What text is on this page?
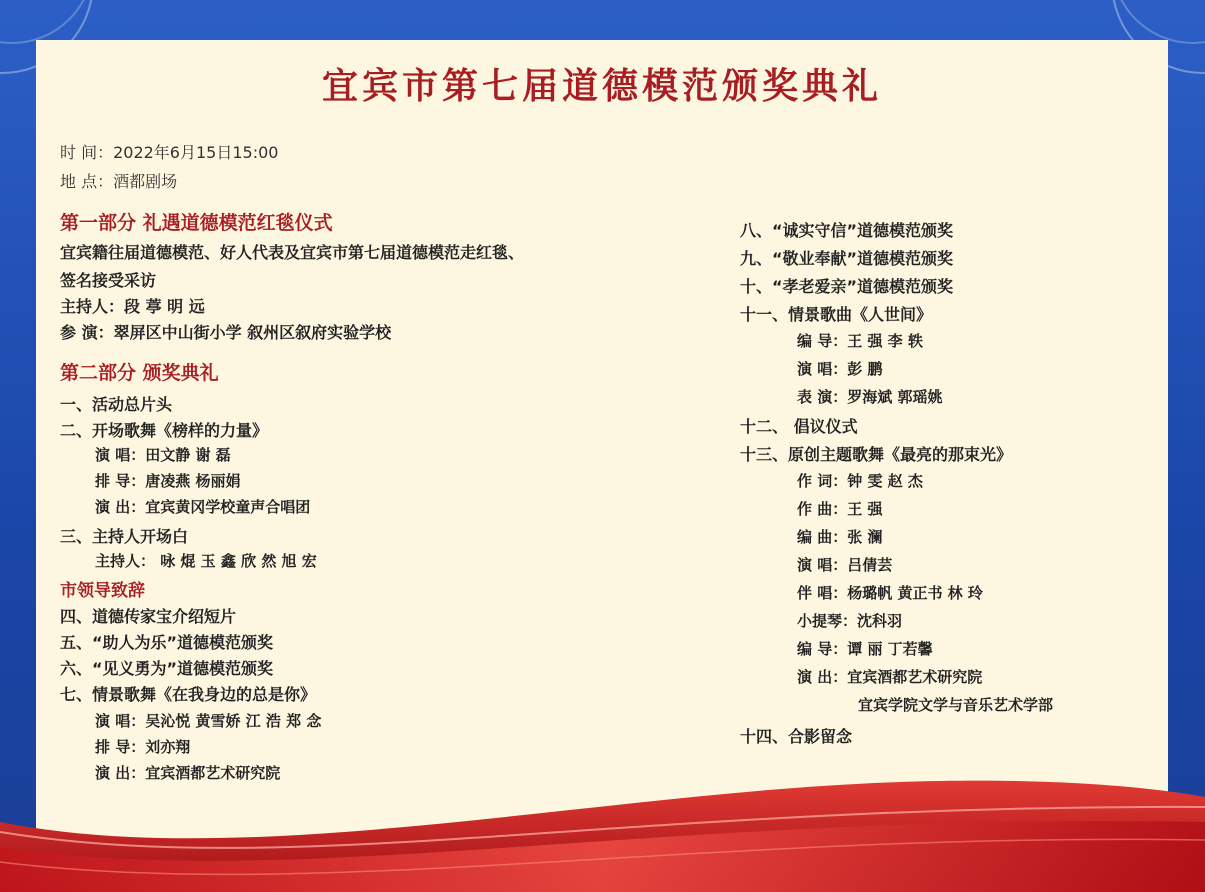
宜宾市第七届道德模范颁奖典礼
时 间：2022年6月15日15:00
地 点：酒都剧场
第一部分 礼遇道德模范红毯仪式
宜宾籍往届道德模范、好人代表及宜宾市第七届道德模范走红毯、
签名接受采访
主持人：段 葶 明 远
参 演：翠屏区中山街小学 叙州区叙府实验学校
第二部分 颁奖典礼
一、活动总片头
二、开场歌舞《榜样的力量》
演 唱：田文静 谢 磊
排 导：唐凌燕 杨丽娟
演 出：宜宾黄冈学校童声合唱团
三、主持人开场白
主持人： 咏 焜 玉 鑫 欣 然 旭 宏
市领导致辞
四、道德传家宝介绍短片
五、“助人为乐”道德模范颁奖
六、“见义勇为”道德模范颁奖
七、情景歌舞《在我身边的总是你》
演 唱：吴沁悦 黄雪娇 江 浩 郑 念
排 导：刘亦翔
演 出：宜宾酒都艺术研究院
八、“诚实守信”道德模范颁奖
九、“敬业奉献”道德模范颁奖
十、“孝老爱亲”道德模范颁奖
十一、情景歌曲《人世间》
编 导：王 强 李 轶
演 唱：彭 鹏
表 演：罗海斌 郭瑶姚
十二、 倡议仪式
十三、原创主题歌舞《最亮的那束光》
作 词：钟 雯 赵 杰
作 曲：王 强
编 曲：张 澜
演 唱：吕倩芸
伴 唱：杨璐帆 黄正书 林 玲
小提琴：沈科羽
编 导：谭 丽 丁若馨
演 出：宜宾酒都艺术研究院
宜宾学院文学与音乐艺术学部
十四、合影留念
